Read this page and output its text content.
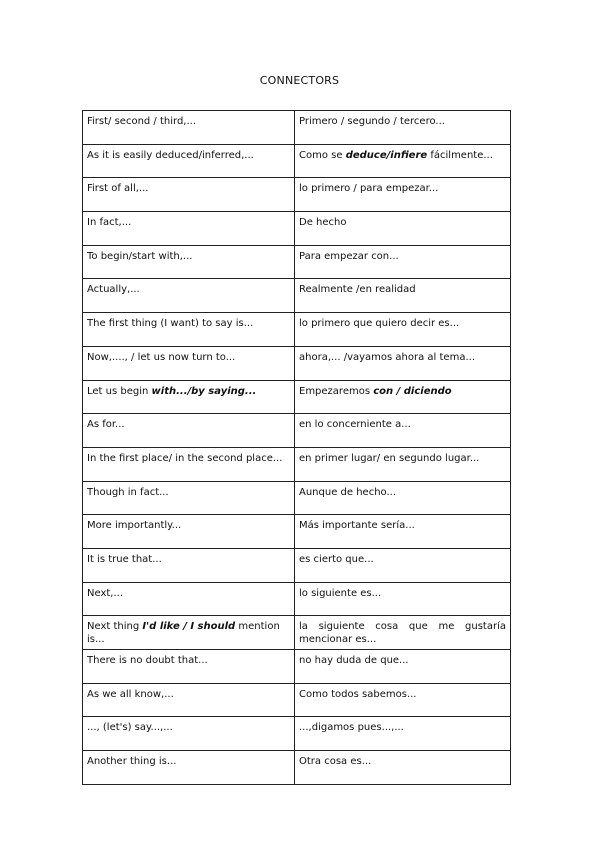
CONNECTORS
First/ second / third,...	Primero / segundo / tercero...
As it is easily deduced/inferred,...	Como se deduce/infiere fácilmente...
First of all,...	lo primero / para empezar...
In fact,...	De hecho
To begin/start with,...	Para empezar con...
Actually,...	Realmente /en realidad
The first thing (I want) to say is...	lo primero que quiero decir es...
Now,...., / let us now turn to...	ahora,... /vayamos ahora al tema...
Let us begin with.../by saying...	Empezaremos con / diciendo
As for...	en lo concerniente a...
In the first place/ in the second place...	en primer lugar/ en segundo lugar...
Though in fact...	Aunque de hecho...
More importantly...	Más importante sería...
It is true that...	es cierto que...
Next,...	lo siguiente es...
Next thing I'd like / I should mention is...	la siguiente cosa que me gustaría mencionar es...
There is no doubt that...	no hay duda de que...
As we all know,...	Como todos sabemos...
..., (let's) say...,...	...,digamos pues...,...
Another thing is...	Otra cosa es...
